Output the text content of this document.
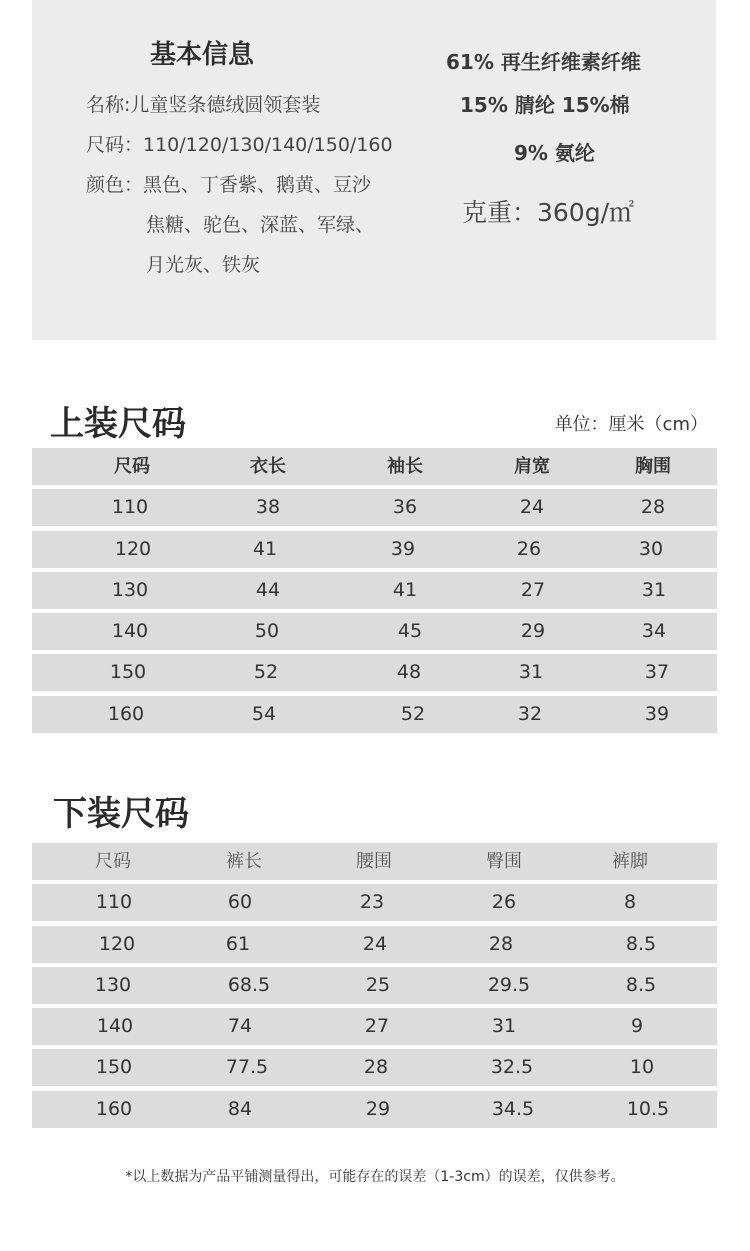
基本信息
名称:儿童竖条德绒圆领套装
尺码：110/120/130/140/150/160
颜色：黑色、丁香紫、鹅黄、豆沙
焦糖、驼色、深蓝、军绿、
月光灰、铁灰
61% 再生纤维素纤维
15% 腈纶 15%棉
9% 氨纶
克重：360g/㎡
上装尺码	单位：厘米（cm）
尺码	衣长	袖长	肩宽	胸围
110	38	36	24	28
120	41	39	26	30
130	44	41	27	31
140	50	45	29	34
150	52	48	31	37
160	54	52	32	39
下装尺码
尺码	裤长	腰围	臀围	裤脚
110	60	23	26	8
120	61	24	28	8.5
130	68.5	25	29.5	8.5
140	74	27	31	9
150	77.5	28	32.5	10
160	84	29	34.5	10.5
*以上数据为产品平铺测量得出，可能存在的误差（1-3cm）的误差，仅供参考。
